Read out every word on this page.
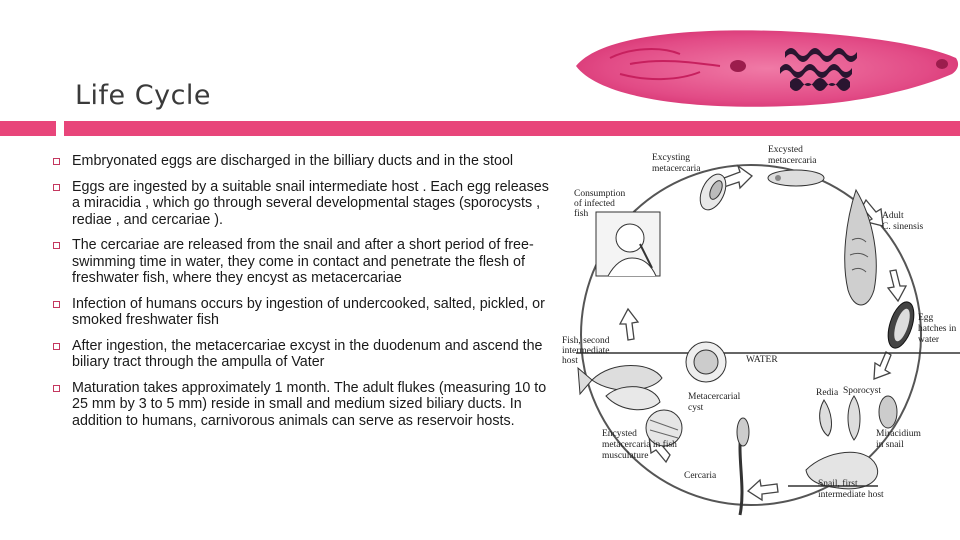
Life Cycle
Embryonated eggs are discharged in the billiary ducts and in the stool
Eggs are ingested by a suitable snail intermediate host . Each egg releases a miracidia , which go through several developmental stages (sporocysts , rediae , and cercariae ).
The cercariae are released from the snail and after a short period of free-swimming time in water, they come in contact and penetrate the flesh of freshwater fish, where they encyst as metacercariae
Infection of humans occurs by ingestion of undercooked, salted, pickled, or smoked freshwater fish
After ingestion, the metacercariae excyst in the duodenum and ascend the biliary tract through the ampulla of Vater
Maturation takes approximately 1 month. The adult flukes (measuring 10 to 25 mm by 3 to 5 mm) reside in small and medium sized biliary ducts. In addition to humans, carnivorous animals can serve as reservoir hosts.
Excysting
metacercaria
Excysted
metacercaria
Consumption
of infected
fish	Adult
C. sinensis
Egg
hatches in
water
WATER
Fish, second
intermediate
host
Metacercarial
cyst
Redia Sporocyst
Miracidium
in snail
Encysted
metacercaria in fish
musculature
Cercaria
Snail, first
intermediate host
